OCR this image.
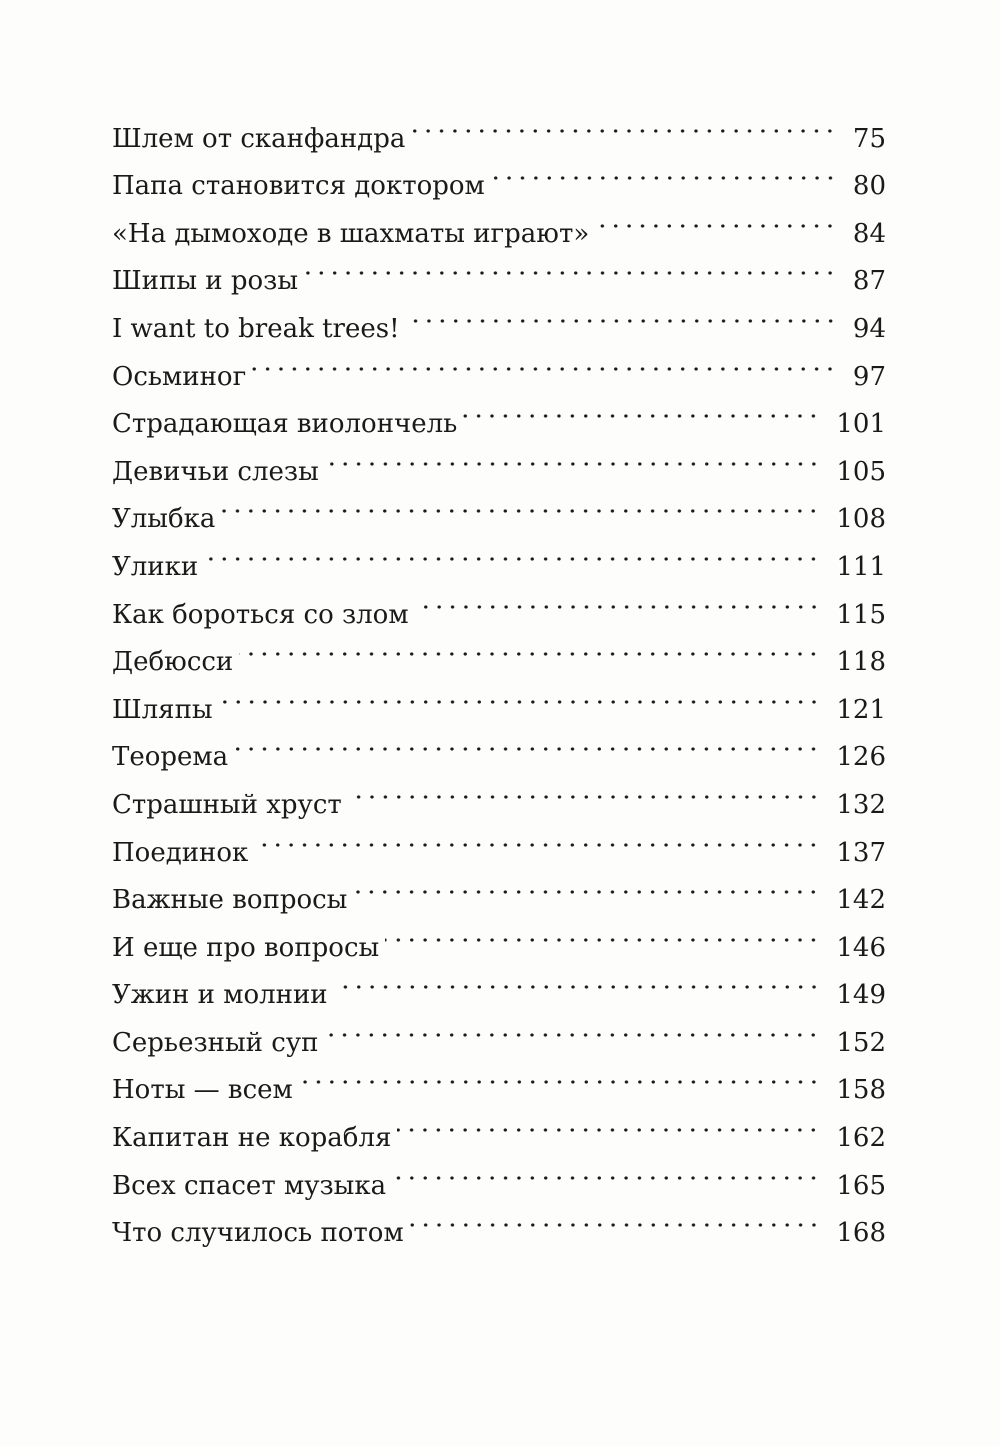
Шлем от сканфандра	75
Папа становится доктором	80
«На дымоходе в шахматы играют»	84
Шипы и розы	87
I want to break trees!	94
Осьминог	97
Страдающая виолончель	101
Девичьи слезы	105
Улыбка	108
Улики	111
Как бороться со злом	115
Дебюсси	118
Шляпы	121
Теорема	126
Страшный хруст	132
Поединок	137
Важные вопросы	142
И еще про вопросы	146
Ужин и молнии	149
Серьезный суп	152
Ноты — всем	158
Капитан не корабля	162
Всех спасет музыка	165
Что случилось потом	168
